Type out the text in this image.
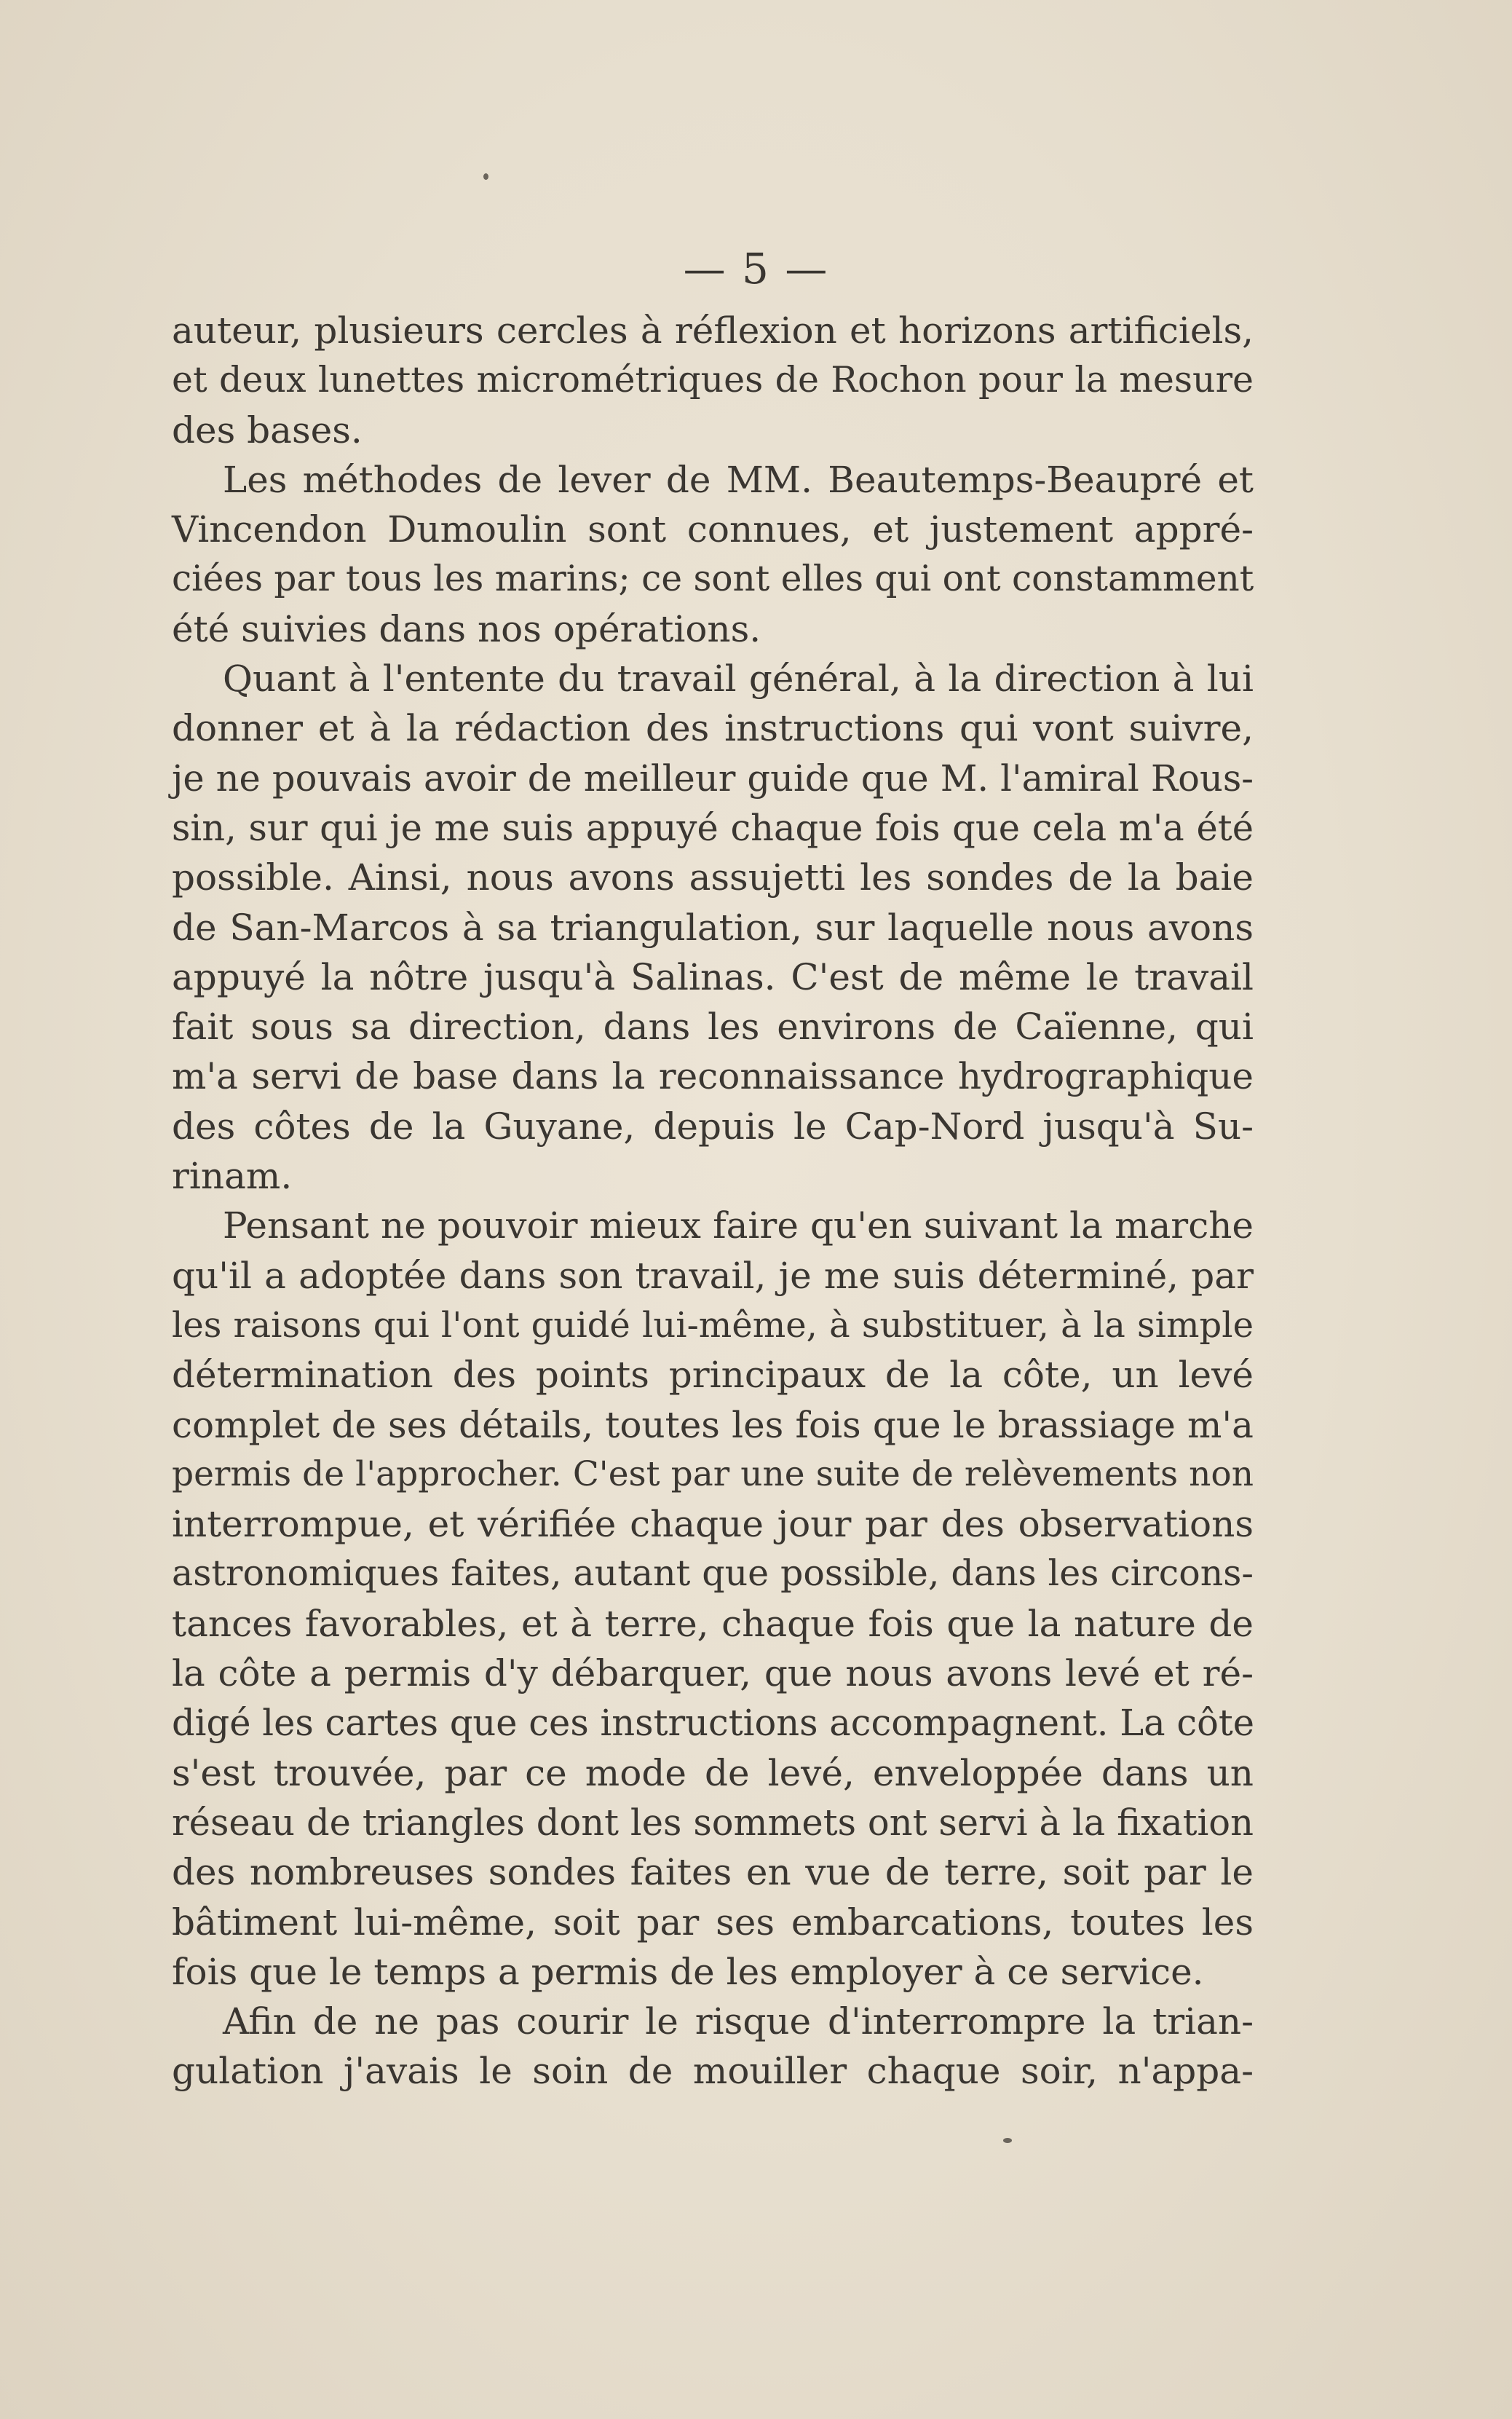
— 5 —
auteur, plusieurs cercles à réflexion et horizons artificiels,
et deux lunettes micrométriques de Rochon pour la mesure
des bases.
Les méthodes de lever de MM. Beautemps-Beaupré et
Vincendon Dumoulin sont connues, et justement appré-
ciées par tous les marins; ce sont elles qui ont constamment
été suivies dans nos opérations.
Quant à l'entente du travail général, à la direction à lui
donner et à la rédaction des instructions qui vont suivre,
je ne pouvais avoir de meilleur guide que M. l'amiral Rous-
sin, sur qui je me suis appuyé chaque fois que cela m'a été
possible. Ainsi, nous avons assujetti les sondes de la baie
de San-Marcos à sa triangulation, sur laquelle nous avons
appuyé la nôtre jusqu'à Salinas. C'est de même le travail
fait sous sa direction, dans les environs de Caïenne, qui
m'a servi de base dans la reconnaissance hydrographique
des côtes de la Guyane, depuis le Cap-Nord jusqu'à Su-
rinam.
Pensant ne pouvoir mieux faire qu'en suivant la marche
qu'il a adoptée dans son travail, je me suis déterminé, par
les raisons qui l'ont guidé lui-même, à substituer, à la simple
détermination des points principaux de la côte, un levé
complet de ses détails, toutes les fois que le brassiage m'a
permis de l'approcher. C'est par une suite de relèvements non
interrompue, et vérifiée chaque jour par des observations
astronomiques faites, autant que possible, dans les circons-
tances favorables, et à terre, chaque fois que la nature de
la côte a permis d'y débarquer, que nous avons levé et ré-
digé les cartes que ces instructions accompagnent. La côte
s'est trouvée, par ce mode de levé, enveloppée dans un
réseau de triangles dont les sommets ont servi à la fixation
des nombreuses sondes faites en vue de terre, soit par le
bâtiment lui-même, soit par ses embarcations, toutes les
fois que le temps a permis de les employer à ce service.
Afin de ne pas courir le risque d'interrompre la trian-
gulation j'avais le soin de mouiller chaque soir, n'appa-
